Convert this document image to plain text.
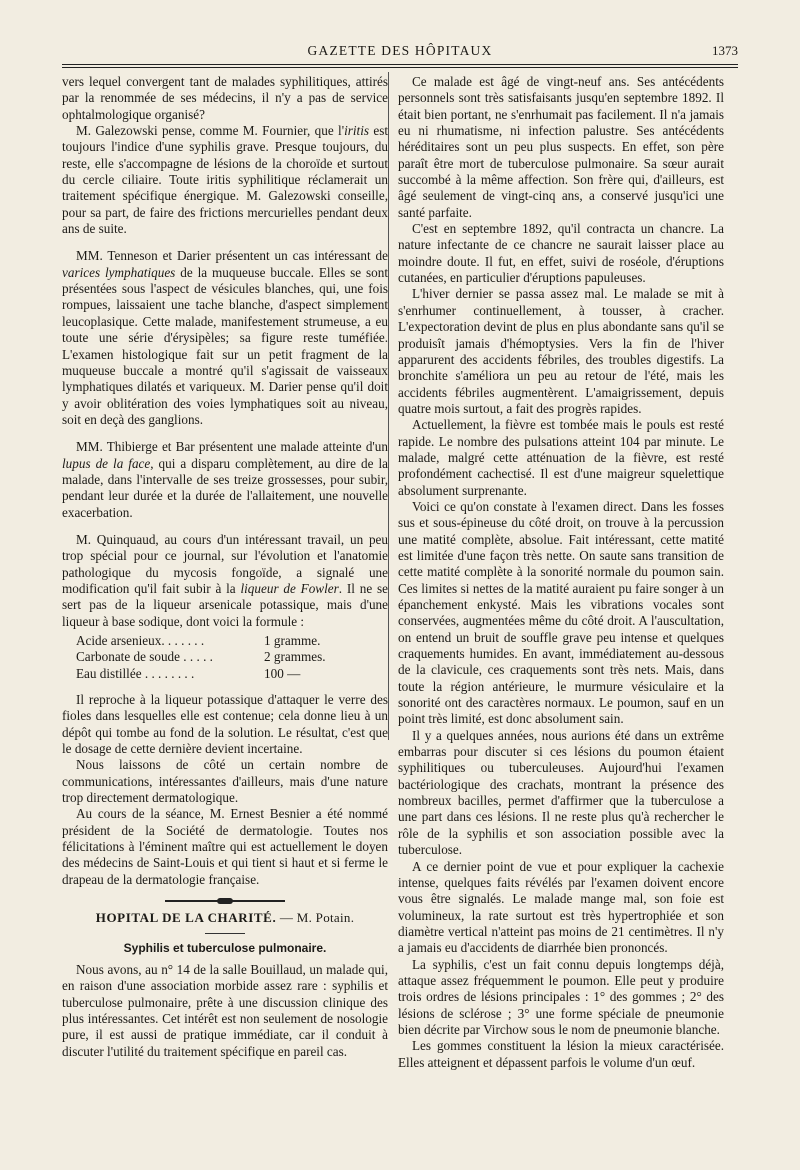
GAZETTE DES HÔPITAUX	1373

vers lequel convergent tant de malades syphilitiques, attirés par la renommée de ses médecins, il n'y a pas de service ophtalmologique organisé?

M. Galezowski pense, comme M. Fournier, que l'iritis est toujours l'indice d'une syphilis grave. Presque toujours, du reste, elle s'accompagne de lésions de la choroïde et surtout du cercle ciliaire. Toute iritis syphilitique réclamerait un traitement spécifique énergique. M. Galezowski conseille, pour sa part, de faire des frictions mercurielles pendant deux ans de suite.

MM. Tenneson et Darier présentent un cas intéressant de varices lymphatiques de la muqueuse buccale. Elles se sont présentées sous l'aspect de vésicules blanches, qui, une fois rompues, laissaient une tache blanche, d'aspect simplement leucoplasique. Cette malade, manifestement strumeuse, a eu toute une série d'érysipèles; sa figure reste tuméfiée. L'examen histologique fait sur un petit fragment de la muqueuse buccale a montré qu'il s'agissait de vaisseaux lymphatiques dilatés et variqueux. M. Darier pense qu'il doit y avoir oblitération des voies lymphatiques soit au niveau, soit en deçà des ganglions.

MM. Thibierge et Bar présentent une malade atteinte d'un lupus de la face, qui a disparu complètement, au dire de la malade, dans l'intervalle de ses treize grossesses, pour subir, pendant leur durée et la durée de l'allaitement, une nouvelle exacerbation.

M. Quinquaud, au cours d'un intéressant travail, un peu trop spécial pour ce journal, sur l'évolution et l'anatomie pathologique du mycosis fongoïde, a signalé une modification qu'il fait subir à la liqueur de Fowler. Il ne se sert pas de la liqueur arsenicale potassique, mais d'une liqueur à base sodique, dont voici la formule :

Acide arsenieux. . . . . . .	1 gramme.
Carbonate de soude . . . . .	2 grammes.
Eau distillée . . . . . . . .	100 —

Il reproche à la liqueur potassique d'attaquer le verre des fioles dans lesquelles elle est contenue; cela donne lieu à un dépôt qui tombe au fond de la solution. Le résultat, c'est que le dosage de cette dernière devient incertaine.

Nous laissons de côté un certain nombre de communications, intéressantes d'ailleurs, mais d'une nature trop directement dermatologique.

Au cours de la séance, M. Ernest Besnier a été nommé président de la Société de dermatologie. Toutes nos félicitations à l'éminent maître qui est actuellement le doyen des médecins de Saint-Louis et qui tient si haut et si ferme le drapeau de la dermatologie française.

HOPITAL DE LA CHARITÉ. — M. Potain.
Syphilis et tuberculose pulmonaire.

Nous avons, au n° 14 de la salle Bouillaud, un malade qui, en raison d'une association morbide assez rare : syphilis et tuberculose pulmonaire, prête à une discussion clinique des plus intéressantes. Cet intérêt est non seulement de nosologie pure, il est aussi de pratique immédiate, car il conduit à discuter l'utilité du traitement spécifique en pareil cas.

Ce malade est âgé de vingt-neuf ans. Ses antécédents personnels sont très satisfaisants jusqu'en septembre 1892. Il était bien portant, ne s'enrhumait pas facilement. Il n'a jamais eu ni rhumatisme, ni infection palustre. Ses antécédents héréditaires sont un peu plus suspects. En effet, son père paraît être mort de tuberculose pulmonaire. Sa sœur aurait succombé à la même affection. Son frère qui, d'ailleurs, est âgé seulement de vingt-cinq ans, a conservé jusqu'ici une santé parfaite.

C'est en septembre 1892, qu'il contracta un chancre. La nature infectante de ce chancre ne saurait laisser place au moindre doute. Il fut, en effet, suivi de roséole, d'éruptions cutanées, en particulier d'éruptions papuleuses.

L'hiver dernier se passa assez mal. Le malade se mit à s'enrhumer continuellement, à tousser, à cracher. L'expectoration devint de plus en plus abondante sans qu'il se produisît jamais d'hémoptysies. Vers la fin de l'hiver apparurent des accidents fébriles, des troubles digestifs. La bronchite s'améliora un peu au retour de l'été, mais les accidents fébriles augmentèrent. L'amaigrissement, depuis quatre mois surtout, a fait des progrès rapides.

Actuellement, la fièvre est tombée mais le pouls est resté rapide. Le nombre des pulsations atteint 104 par minute. Le malade, malgré cette atténuation de la fièvre, est resté profondément cachectisé. Il est d'une maigreur squelettique absolument surprenante.

Voici ce qu'on constate à l'examen direct. Dans les fosses sus et sous-épineuse du côté droit, on trouve à la percussion une matité complète, absolue. Fait intéressant, cette matité est limitée d'une façon très nette. On saute sans transition de cette matité complète à la sonorité normale du poumon sain. Ces limites si nettes de la matité auraient pu faire songer à un épanchement enkysté. Mais les vibrations vocales sont conservées, augmentées même du côté droit. A l'auscultation, on entend un bruit de souffle grave peu intense et quelques craquements humides. En avant, immédiatement au-dessous de la clavicule, ces craquements sont très nets. Mais, dans toute la région antérieure, le murmure vésiculaire et la sonorité ont des caractères normaux. Le poumon, sauf en un point très limité, est donc absolument sain.

Il y a quelques années, nous aurions été dans un extrême embarras pour discuter si ces lésions du poumon étaient syphilitiques ou tuberculeuses. Aujourd'hui l'examen bactériologique des crachats, montrant la présence des nombreux bacilles, permet d'affirmer que la tuberculose a une part dans ces lésions. Il ne reste plus qu'à rechercher le rôle de la syphilis et son association possible avec la tuberculose.

A ce dernier point de vue et pour expliquer la cachexie intense, quelques faits révélés par l'examen doivent encore vous être signalés. Le malade mange mal, son foie est volumineux, la rate surtout est très hypertrophiée et son diamètre vertical n'atteint pas moins de 21 centimètres. Il n'y a jamais eu d'accidents de diarrhée bien prononcés.

La syphilis, c'est un fait connu depuis longtemps déjà, attaque assez fréquemment le poumon. Elle peut y produire trois ordres de lésions principales : 1° des gommes ; 2° des lésions de sclérose ; 3° une forme spéciale de pneumonie bien décrite par Virchow sous le nom de pneumonie blanche.

Les gommes constituent la lésion la mieux caractérisée. Elles atteignent et dépassent parfois le volume d'un œuf.
